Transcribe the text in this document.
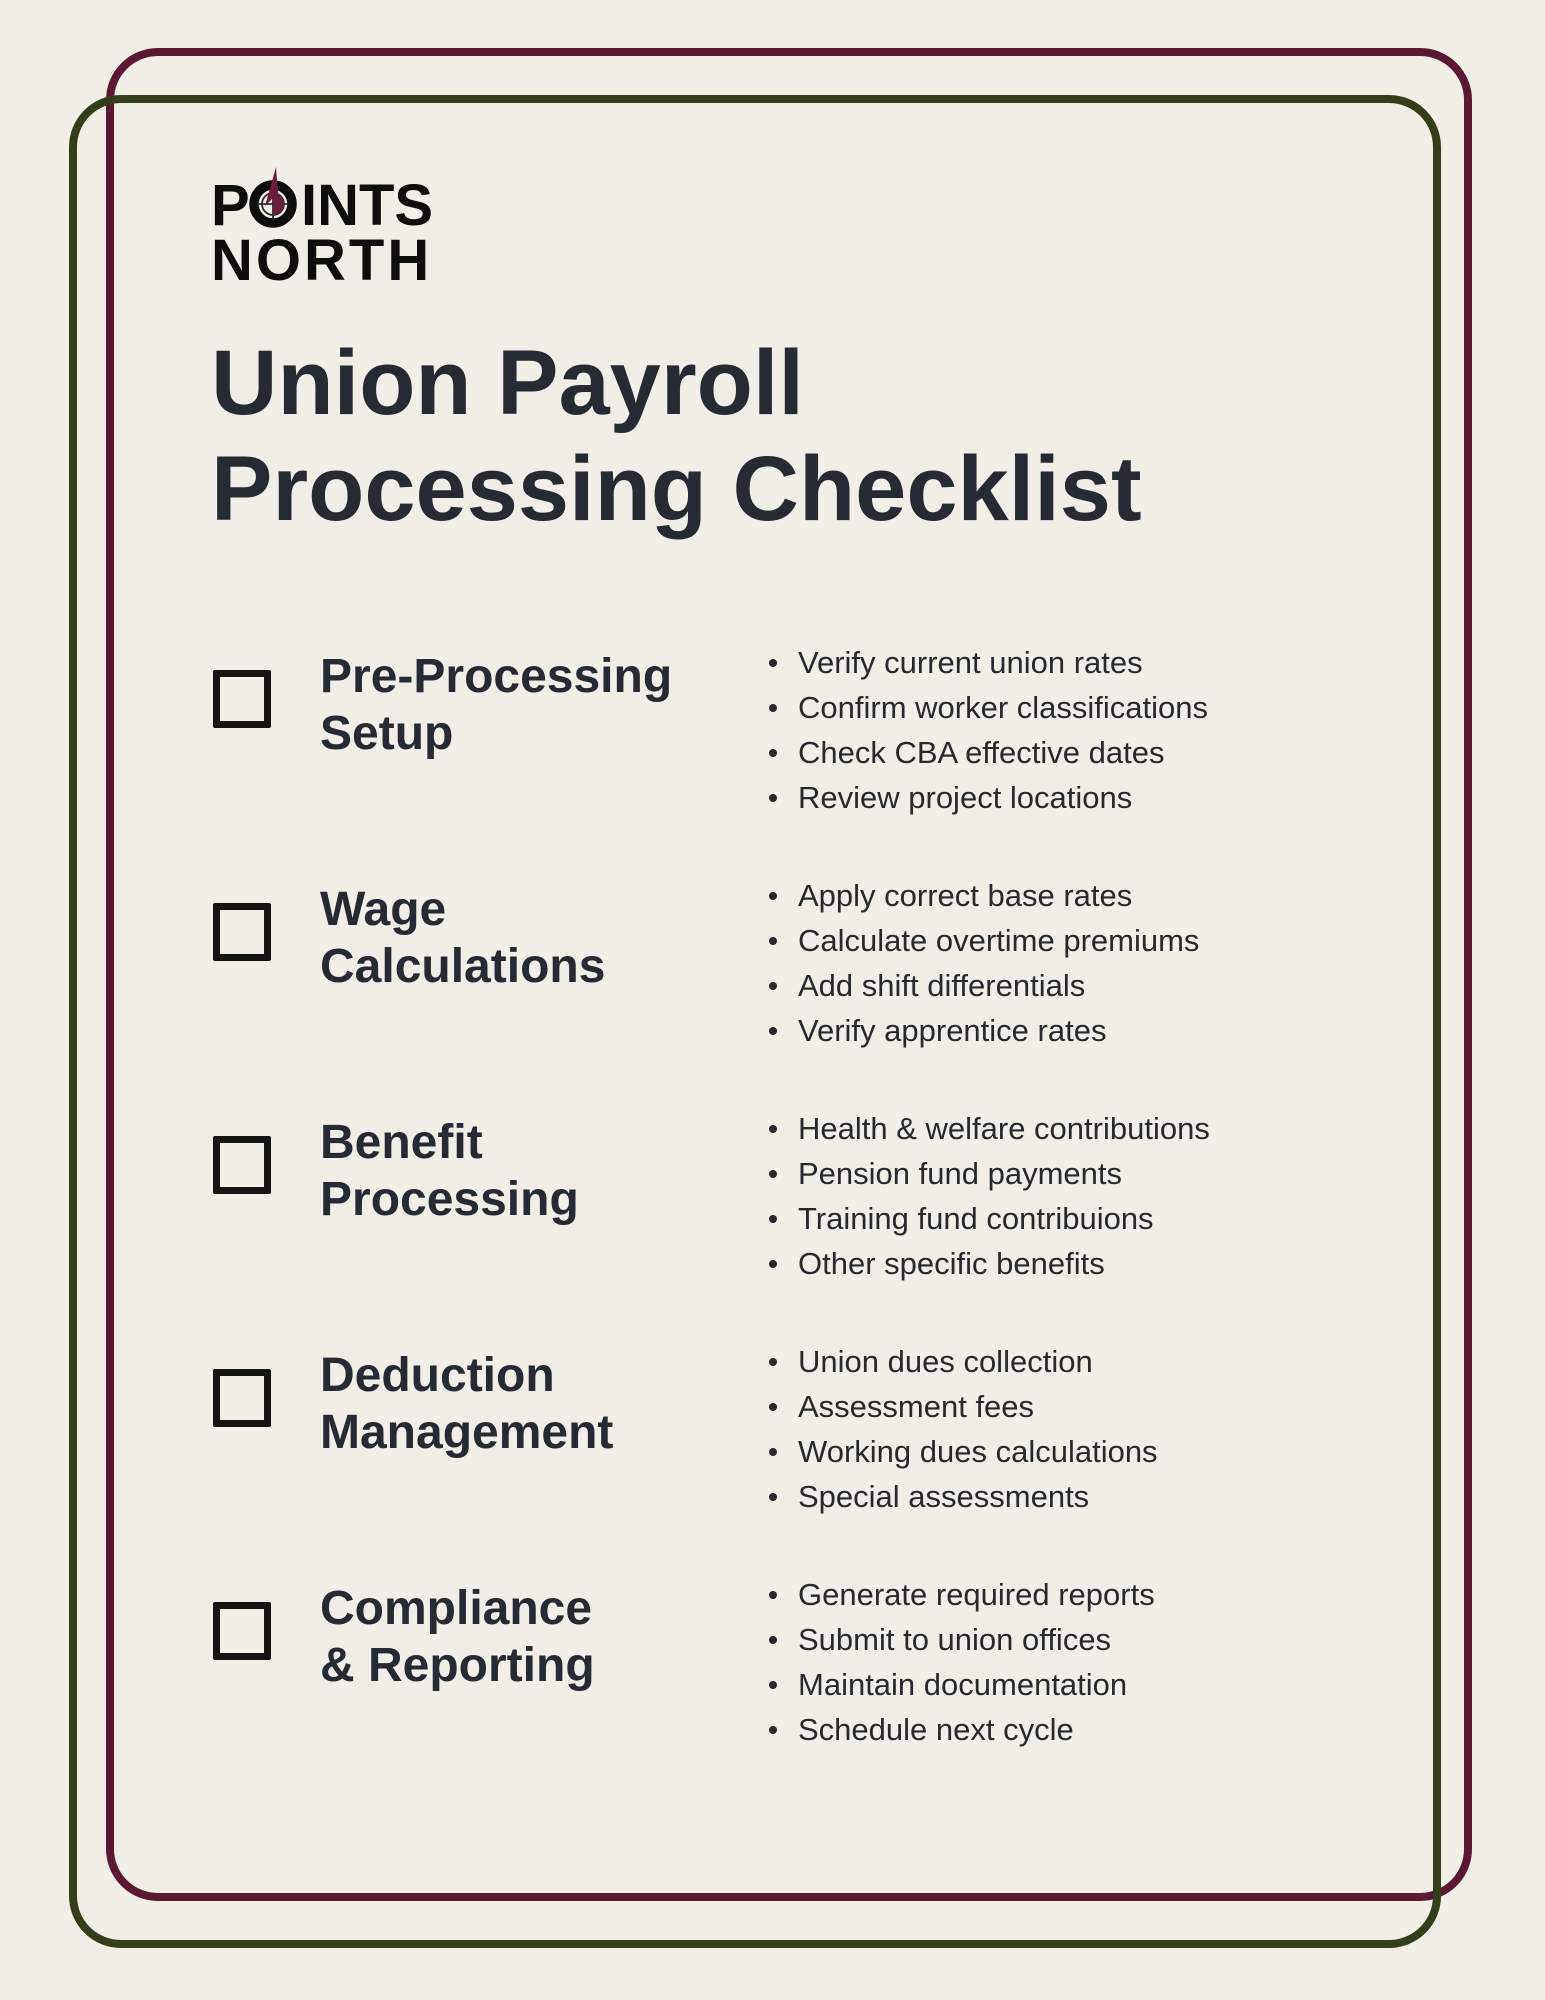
P INTS
NORTH
Union Payroll
Processing Checklist
Pre-Processing
Setup
Verify current union rates
Confirm worker classifications
Check CBA effective dates
Review project locations
Wage
Calculations
Apply correct base rates
Calculate overtime premiums
Add shift differentials
Verify apprentice rates
Benefit
Processing
Health & welfare contributions
Pension fund payments
Training fund contribuions
Other specific benefits
Deduction
Management
Union dues collection
Assessment fees
Working dues calculations
Special assessments
Compliance
& Reporting
Generate required reports
Submit to union offices
Maintain documentation
Schedule next cycle
